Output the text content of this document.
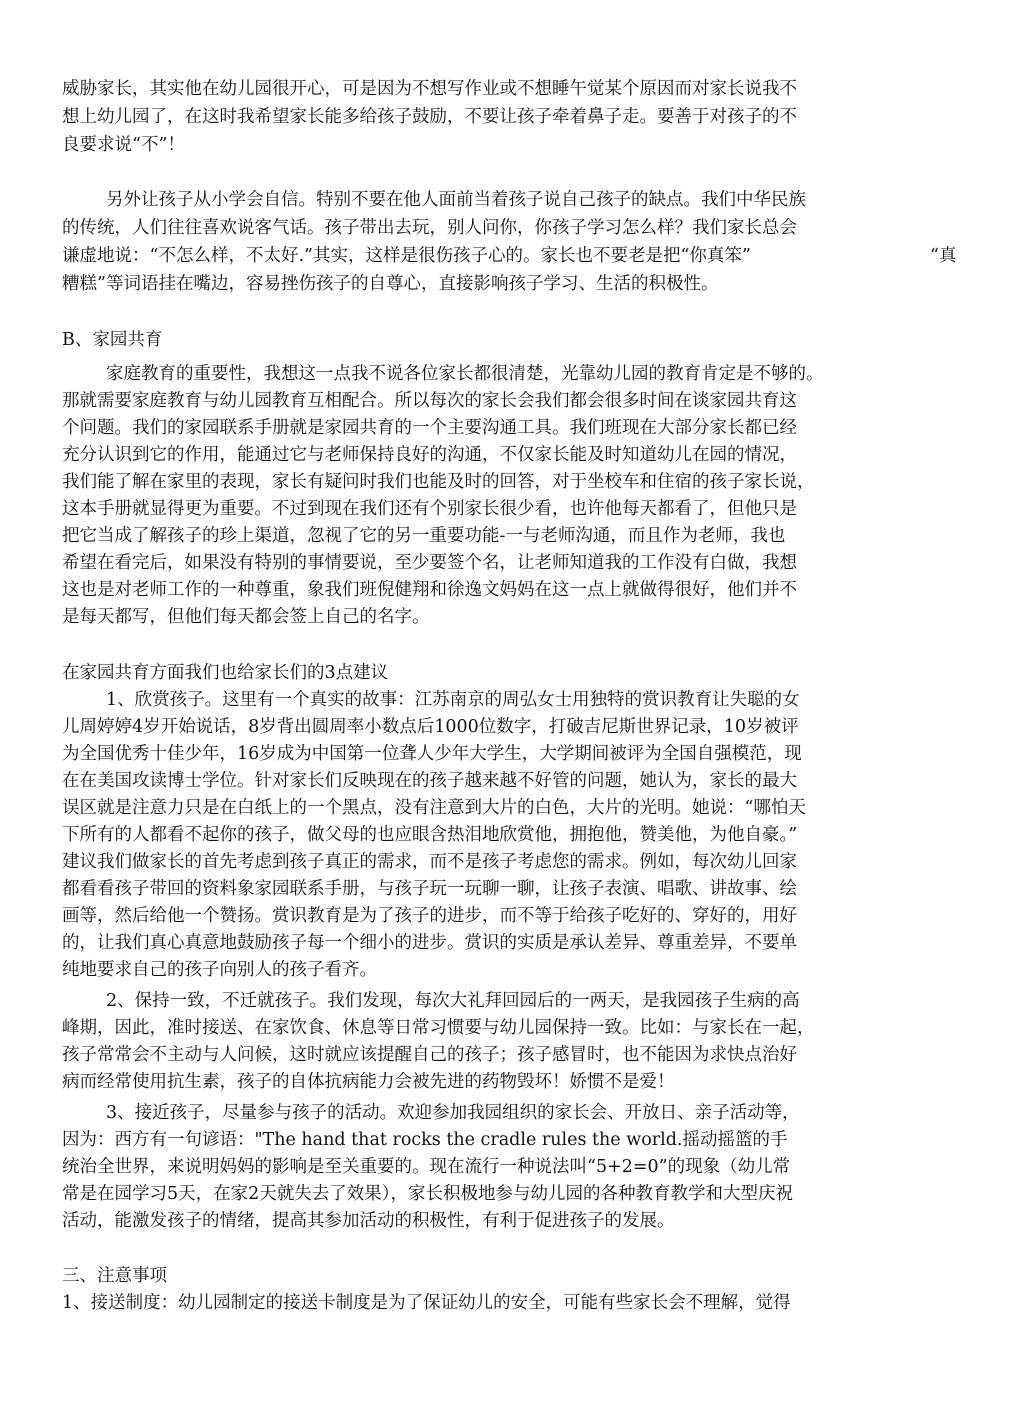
威胁家长，其实他在幼儿园很开心，可是因为不想写作业或不想睡午觉某个原因而对家长说我不
想上幼儿园了，在这时我希望家长能多给孩子鼓励，不要让孩子牵着鼻子走。要善于对孩子的不
良要求说“不”！
另外让孩子从小学会自信。特别不要在他人面前当着孩子说自己孩子的缺点。我们中华民族
的传统，人们往往喜欢说客气话。孩子带出去玩，别人问你，你孩子学习怎么样？我们家长总会
谦虚地说：“不怎么样，不太好.”其实，这样是很伤孩子心的。家长也不要老是把“你真笨”	“真
糟糕”等词语挂在嘴边，容易挫伤孩子的自尊心，直接影响孩子学习、生活的积极性。
B、家园共育
家庭教育的重要性，我想这一点我不说各位家长都很清楚，光靠幼儿园的教育肯定是不够的。
那就需要家庭教育与幼儿园教育互相配合。所以每次的家长会我们都会很多时间在谈家园共育这
个问题。我们的家园联系手册就是家园共育的一个主要沟通工具。我们班现在大部分家长都已经
充分认识到它的作用，能通过它与老师保持良好的沟通，不仅家长能及时知道幼儿在园的情况，
我们能了解在家里的表现，家长有疑问时我们也能及时的回答，对于坐校车和住宿的孩子家长说，
这本手册就显得更为重要。不过到现在我们还有个别家长很少看，也许他每天都看了，但他只是
把它当成了解孩子的珍上渠道，忽视了它的另一重要功能-一与老师沟通，而且作为老师，我也
希望在看完后，如果没有特别的事情要说，至少要签个名，让老师知道我的工作没有白做，我想
这也是对老师工作的一种尊重，象我们班倪健翔和徐逸文妈妈在这一点上就做得很好，他们并不
是每天都写，但他们每天都会签上自己的名字。
在家园共育方面我们也给家长们的3点建议
1、欣赏孩子。这里有一个真实的故事：江苏南京的周弘女士用独特的赏识教育让失聪的女
儿周婷婷4岁开始说话，8岁背出圆周率小数点后1000位数字，打破吉尼斯世界记录，10岁被评
为全国优秀十佳少年，16岁成为中国第一位聋人少年大学生，大学期间被评为全国自强模范，现
在在美国攻读博士学位。针对家长们反映现在的孩子越来越不好管的问题，她认为，家长的最大
误区就是注意力只是在白纸上的一个黑点，没有注意到大片的白色，大片的光明。她说：“哪怕天
下所有的人都看不起你的孩子，做父母的也应眼含热泪地欣赏他，拥抱他，赞美他，为他自豪。”
建议我们做家长的首先考虑到孩子真正的需求，而不是孩子考虑您的需求。例如，每次幼儿回家
都看看孩子带回的资料象家园联系手册，与孩子玩一玩聊一聊，让孩子表演、唱歌、讲故事、绘
画等，然后给他一个赞扬。赏识教育是为了孩子的进步，而不等于给孩子吃好的、穿好的，用好
的，让我们真心真意地鼓励孩子每一个细小的进步。赏识的实质是承认差异、尊重差异，不要单
纯地要求自己的孩子向别人的孩子看齐。
2、保持一致，不迁就孩子。我们发现，每次大礼拜回园后的一两天，是我园孩子生病的高
峰期，因此，准时接送、在家饮食、休息等日常习惯要与幼儿园保持一致。比如：与家长在一起，
孩子常常会不主动与人问候，这时就应该提醒自己的孩子；孩子感冒时，也不能因为求快点治好
病而经常使用抗生素，孩子的自体抗病能力会被先进的药物毁坏！娇惯不是爱！
3、接近孩子，尽量参与孩子的活动。欢迎参加我园组织的家长会、开放日、亲子活动等，
因为：西方有一句谚语："The hand that rocks the cradle rules the world.摇动摇篮的手
统治全世界，来说明妈妈的影响是至关重要的。现在流行一种说法叫“5+2=0”的现象（幼儿常
常是在园学习5天，在家2天就失去了效果），家长积极地参与幼儿园的各种教育教学和大型庆祝
活动，能激发孩子的情绪，提高其参加活动的积极性，有利于促进孩子的发展。
三、注意事项
1、接送制度：幼儿园制定的接送卡制度是为了保证幼儿的安全，可能有些家长会不理解，觉得
